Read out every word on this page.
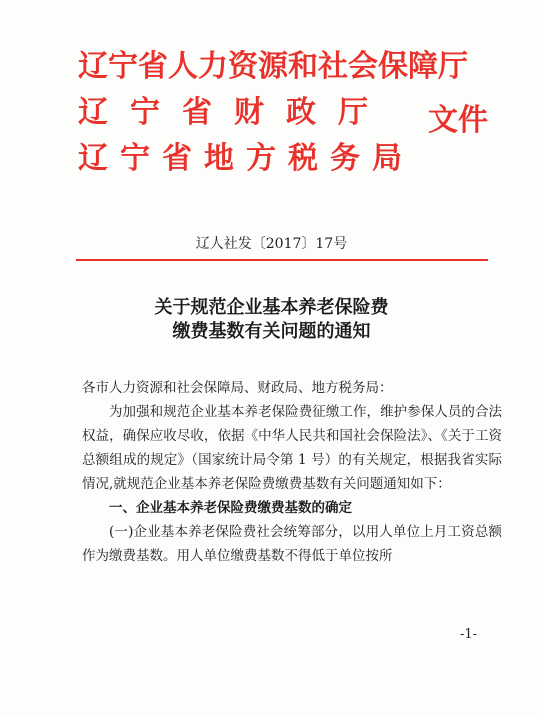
辽宁省人力资源和社会保障厅
辽宁省财政厅
辽宁省地方税务局
文件
辽人社发〔2017〕17号
关于规范企业基本养老保险费
缴费基数有关问题的通知

各市人力资源和社会保障局、财政局、地方税务局：

为加强和规范企业基本养老保险费征缴工作，维护参保人员的合法权益，确保应收尽收，依据《中华人民共和国社会保险法》、《关于工资总额组成的规定》（国家统计局令第 1 号）的有关规定，根据我省实际情况,就规范企业基本养老保险费缴费基数有关问题通知如下：

一、企业基本养老保险费缴费基数的确定

(一)企业基本养老保险费社会统筹部分，以用人单位上月工资总额作为缴费基数。用人单位缴费基数不得低于单位按所

-1-
